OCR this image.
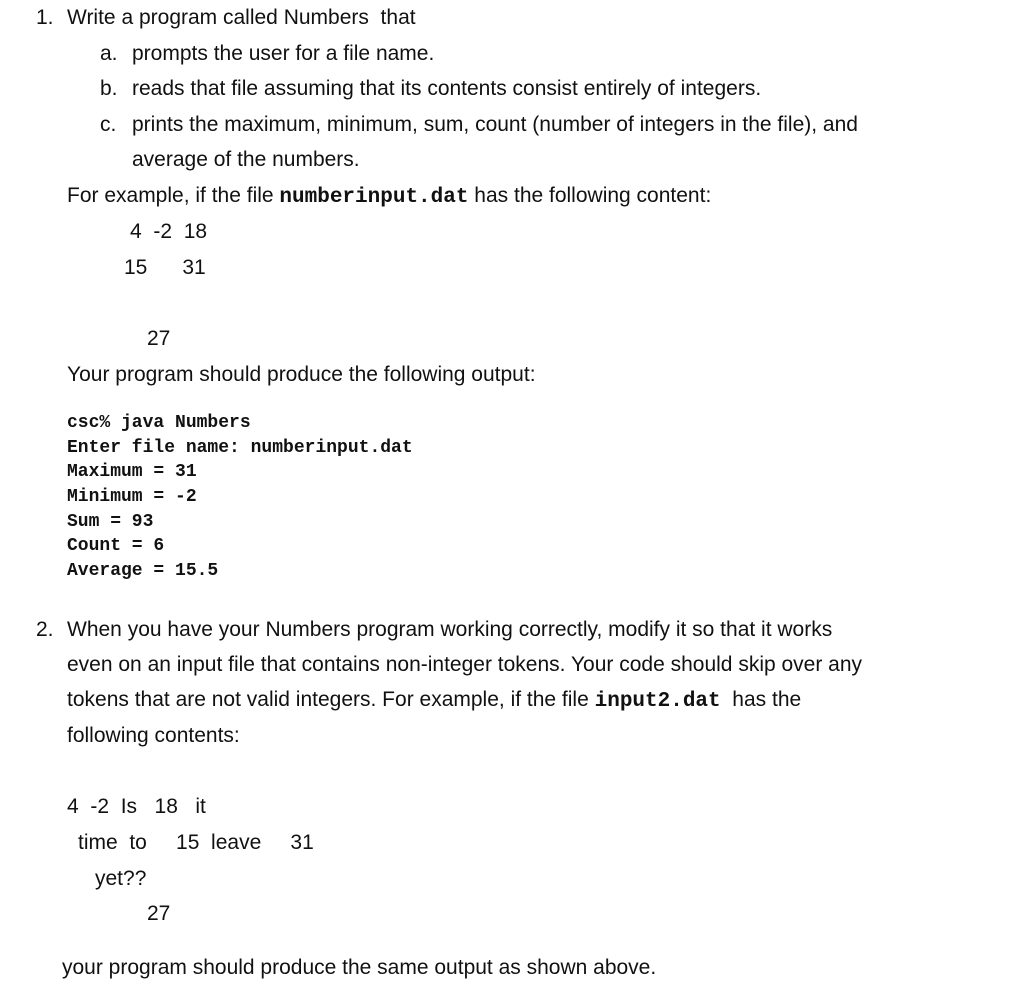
1. Write a program called Numbers  that
a. prompts the user for a file name.
b. reads that file assuming that its contents consist entirely of integers.
c. prints the maximum, minimum, sum, count (number of integers in the file), and
average of the numbers.
For example, if the file numberinput.dat has the following content:
4  -2  18
15      31
27
Your program should produce the following output:
csc% java Numbers
Enter file name: numberinput.dat
Maximum = 31
Minimum = -2
Sum = 93
Count = 6
Average = 15.5
2. When you have your Numbers program working correctly, modify it so that it works
even on an input file that contains non-integer tokens. Your code should skip over any
tokens that are not valid integers. For example, if the file input2.dat  has the
following contents:
4  -2  Is   18   it
time  to     15  leave     31
yet??
27
your program should produce the same output as shown above.
